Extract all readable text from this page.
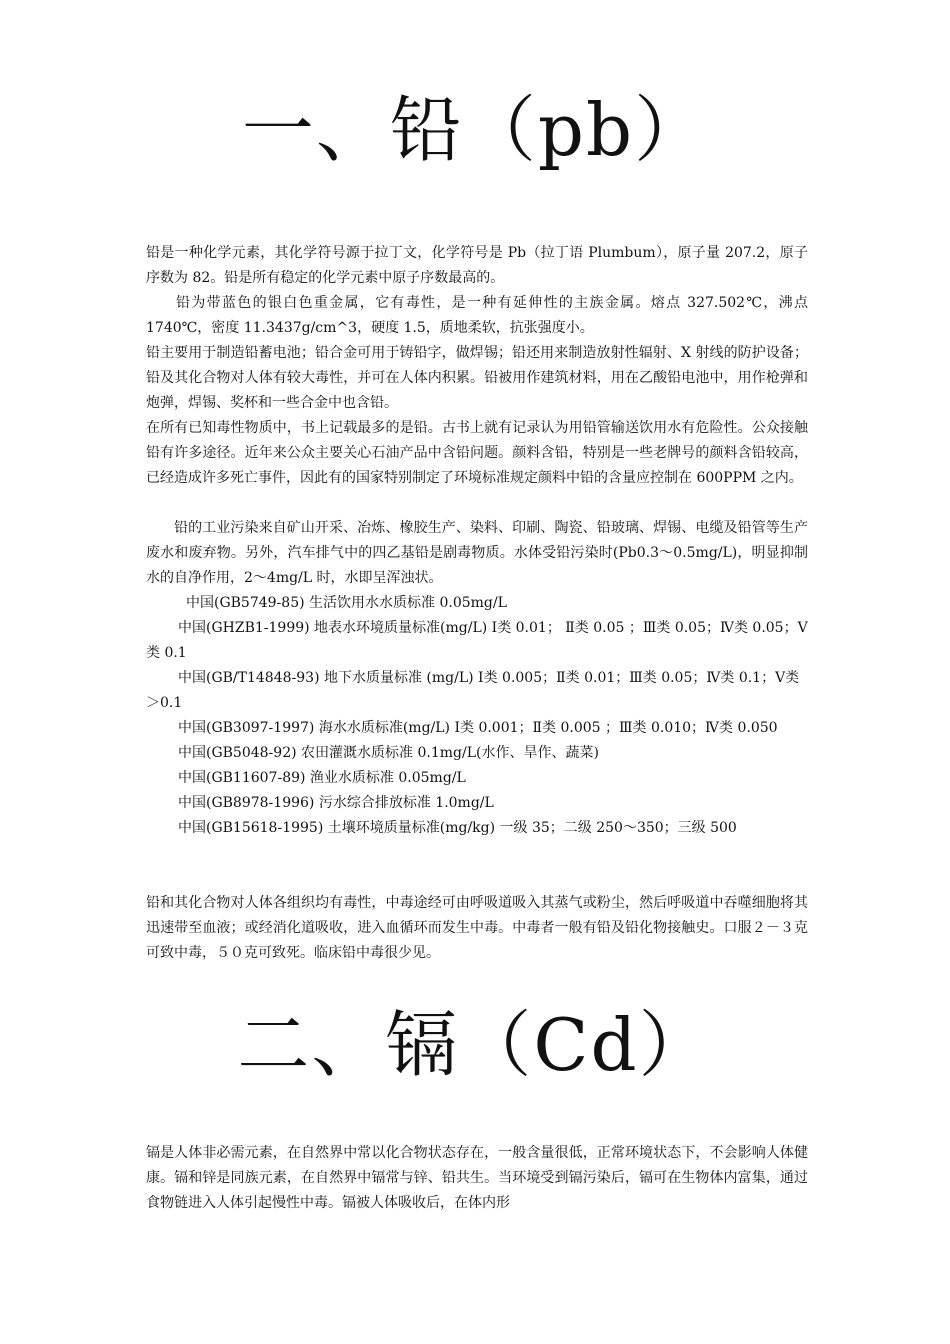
一、铅（pb）

铅是一种化学元素，其化学符号源于拉丁文，化学符号是 Pb（拉丁语 Plumbum），原子量 207.2，原子序数为 82。铅是所有稳定的化学元素中原子序数最高的。

铅为带蓝色的银白色重金属，它有毒性，是一种有延伸性的主族金属。熔点 327.502℃，沸点 1740℃，密度 11.3437g/cm^3，硬度 1.5，质地柔软，抗张强度小。

铅主要用于制造铅蓄电池；铅合金可用于铸铅字，做焊锡；铅还用来制造放射性辐射、X 射线的防护设备；铅及其化合物对人体有较大毒性，并可在人体内积累。铅被用作建筑材料，用在乙酸铅电池中，用作枪弹和炮弹，焊锡、奖杯和一些合金中也含铅。

在所有已知毒性物质中，书上记载最多的是铅。古书上就有记录认为用铅管输送饮用水有危险性。公众接触铅有许多途径。近年来公众主要关心石油产品中含铅问题。颜料含铅，特别是一些老牌号的颜料含铅较高，已经造成许多死亡事件，因此有的国家特别制定了环境标准规定颜料中铅的含量应控制在 600PPM 之内。

铅的工业污染来自矿山开采、冶炼、橡胶生产、染料、印刷、陶瓷、铅玻璃、焊锡、电缆及铅管等生产废水和废弃物。另外，汽车排气中的四乙基铅是剧毒物质。水体受铅污染时(Pb0.3～0.5mg/L)，明显抑制水的自净作用，2～4mg/L 时，水即呈浑浊状。

中国(GB5749-85) 生活饮用水水质标准 0.05mg/L

中国(GHZB1-1999) 地表水环境质量标准(mg/L) Ⅰ类 0.01； Ⅱ类 0.05 ；Ⅲ类 0.05；Ⅳ类 0.05；Ⅴ类 0.1

中国(GB/T14848-93) 地下水质量标准 (mg/L) Ⅰ类 0.005；Ⅱ类 0.01；Ⅲ类 0.05；Ⅳ类 0.1；Ⅴ类＞0.1

中国(GB3097-1997) 海水水质标准(mg/L) Ⅰ类 0.001；Ⅱ类 0.005 ；Ⅲ类 0.010；Ⅳ类 0.050

中国(GB5048-92) 农田灌溉水质标准 0.1mg/L(水作、旱作、蔬菜)

中国(GB11607-89) 渔业水质标准 0.05mg/L

中国(GB8978-1996) 污水综合排放标准 1.0mg/L

中国(GB15618-1995) 土壤环境质量标准(mg/kg) 一级 35；二级 250～350；三级 500

铅和其化合物对人体各组织均有毒性，中毒途经可由呼吸道吸入其蒸气或粉尘，然后呼吸道中吞噬细胞将其迅速带至血液；或经消化道吸收，进入血循环而发生中毒。中毒者一般有铅及铅化物接触史。口服２－３克可致中毒，５０克可致死。临床铅中毒很少见。

二、镉（Cd）

镉是人体非必需元素，在自然界中常以化合物状态存在，一般含量很低，正常环境状态下，不会影响人体健康。镉和锌是同族元素，在自然界中镉常与锌、铅共生。当环境受到镉污染后，镉可在生物体内富集，通过食物链进入人体引起慢性中毒。镉被人体吸收后，在体内形
